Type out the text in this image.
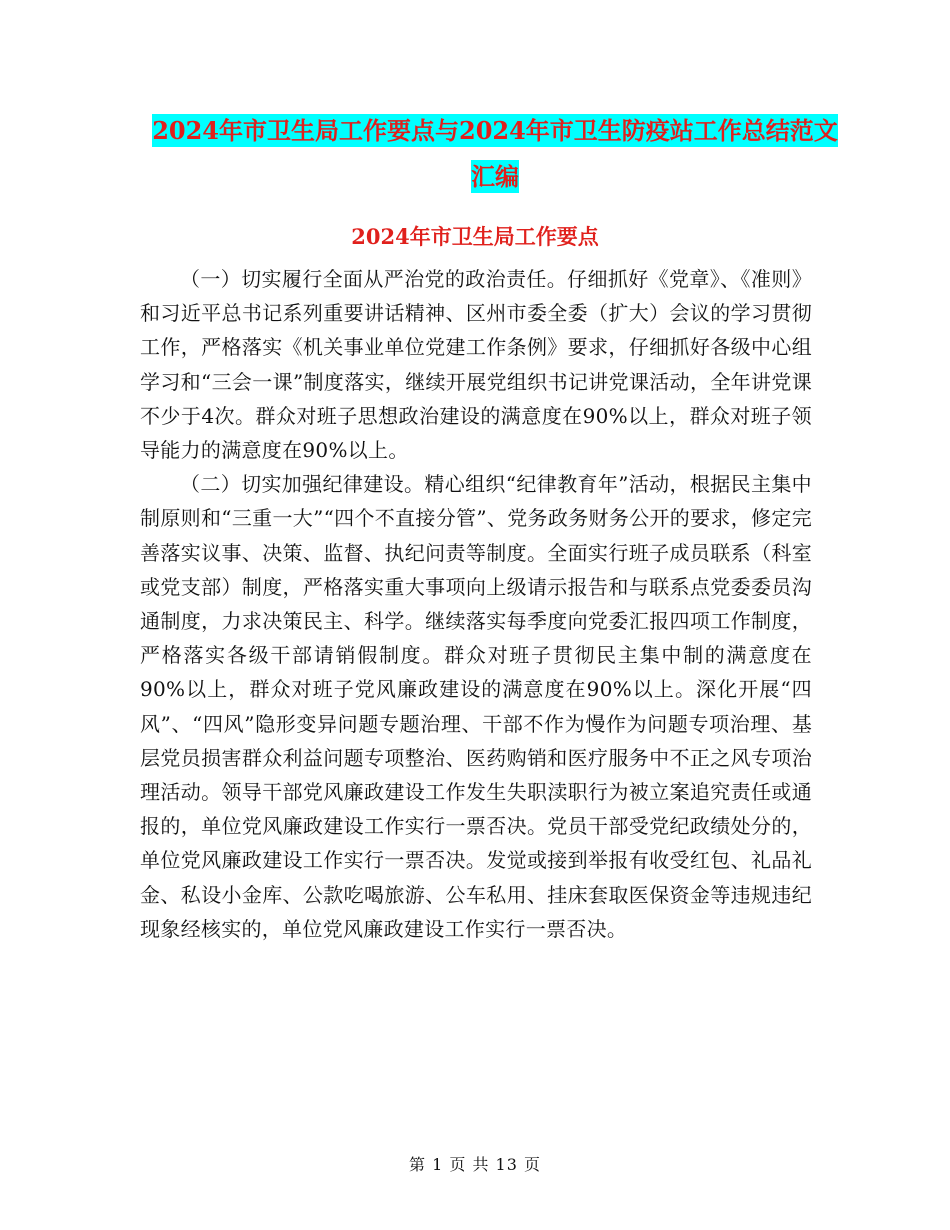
2024年市卫生局工作要点与2024年市卫生防疫站工作总结范文汇编
2024年市卫生局工作要点

（一）切实履行全面从严治党的政治责任。仔细抓好《党章》、《准则》和习近平总书记系列重要讲话精神、区州市委全委（扩大）会议的学习贯彻工作，严格落实《机关事业单位党建工作条例》要求，仔细抓好各级中心组学习和“三会一课”制度落实，继续开展党组织书记讲党课活动，全年讲党课不少于4次。群众对班子思想政治建设的满意度在90%以上，群众对班子领导能力的满意度在90%以上。

（二）切实加强纪律建设。精心组织“纪律教育年”活动，根据民主集中制原则和“三重一大”“四个不直接分管”、党务政务财务公开的要求，修定完善落实议事、决策、监督、执纪问责等制度。全面实行班子成员联系（科室或党支部）制度，严格落实重大事项向上级请示报告和与联系点党委委员沟通制度，力求决策民主、科学。继续落实每季度向党委汇报四项工作制度，严格落实各级干部请销假制度。群众对班子贯彻民主集中制的满意度在90%以上，群众对班子党风廉政建设的满意度在90%以上。深化开展“四风”、“四风”隐形变异问题专题治理、干部不作为慢作为问题专项治理、基层党员损害群众利益问题专项整治、医药购销和医疗服务中不正之风专项治理活动。领导干部党风廉政建设工作发生失职渎职行为被立案追究责任或通报的，单位党风廉政建设工作实行一票否决。党员干部受党纪政绩处分的，单位党风廉政建设工作实行一票否决。发觉或接到举报有收受红包、礼品礼金、私设小金库、公款吃喝旅游、公车私用、挂床套取医保资金等违规违纪现象经核实的，单位党风廉政建设工作实行一票否决。

第 1 页 共 13 页
